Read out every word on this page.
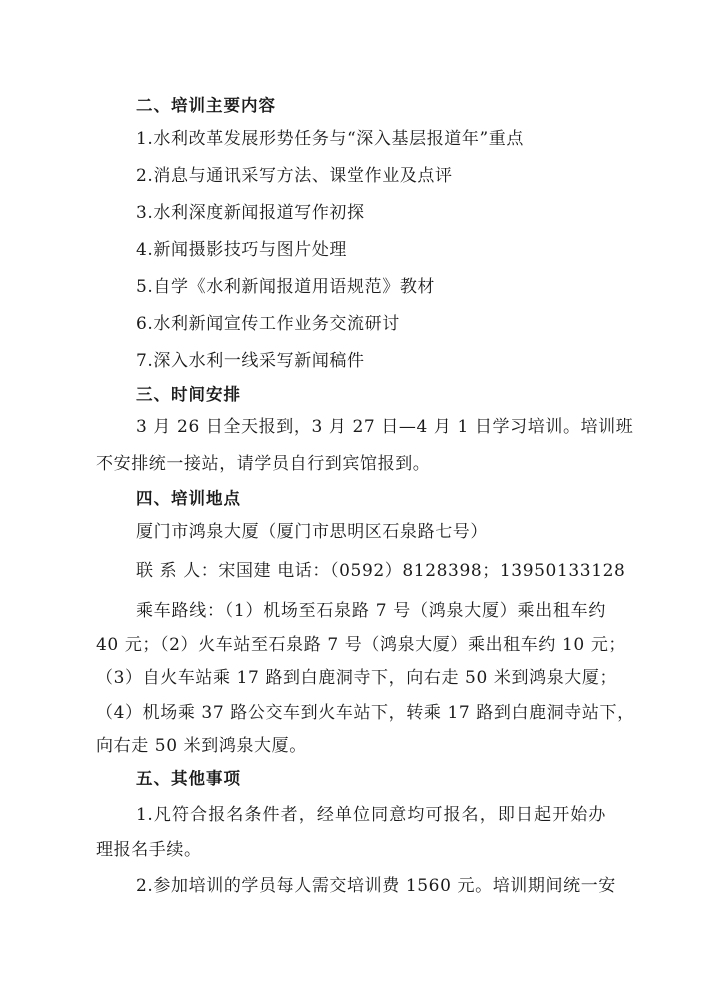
二、培训主要内容
1.水利改革发展形势任务与“深入基层报道年”重点
2.消息与通讯采写方法、课堂作业及点评
3.水利深度新闻报道写作初探
4.新闻摄影技巧与图片处理
5.自学《水利新闻报道用语规范》教材
6.水利新闻宣传工作业务交流研讨
7.深入水利一线采写新闻稿件
三、时间安排
3 月 26 日全天报到，3 月 27 日—4 月 1 日学习培训。培训班
不安排统一接站，请学员自行到宾馆报到。
四、培训地点
厦门市鸿泉大厦（厦门市思明区石泉路七号）
联 系 人：宋国建 电话：（0592）8128398；13950133128
乘车路线：（1）机场至石泉路 7 号（鸿泉大厦）乘出租车约
40 元；（2）火车站至石泉路 7 号（鸿泉大厦）乘出租车约 10 元；
（3）自火车站乘 17 路到白鹿洞寺下，向右走 50 米到鸿泉大厦；
（4）机场乘 37 路公交车到火车站下，转乘 17 路到白鹿洞寺站下，
向右走 50 米到鸿泉大厦。
五、其他事项
1.凡符合报名条件者，经单位同意均可报名，即日起开始办
理报名手续。
2.参加培训的学员每人需交培训费 1560 元。培训期间统一安
